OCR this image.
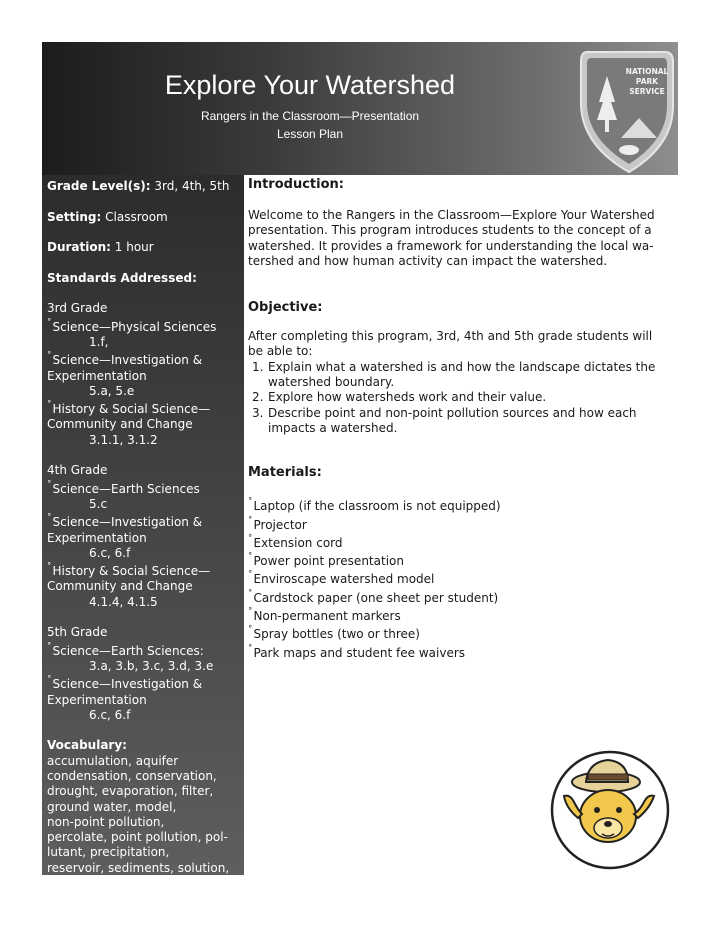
Explore Your Watershed
Rangers in the Classroom—Presentation
Lesson Plan
NATIONAL
PARK
SERVICE
Grade Level(s): 3rd, 4th, 5th
Setting: Classroom
Duration: 1 hour
Standards Addressed:
3rd Grade
˚ Science—Physical Sciences
1.f,
˚ Science—Investigation &
Experimentation
5.a, 5.e
˚ History & Social Science—
Community and Change
3.1.1, 3.1.2
4th Grade
˚ Science—Earth Sciences
5.c
˚ Science—Investigation &
Experimentation
6.c, 6.f
˚ History & Social Science—
Community and Change
4.1.4, 4.1.5
5th Grade
˚ Science—Earth Sciences:
3.a, 3.b, 3.c, 3.d, 3.e
˚ Science—Investigation &
Experimentation
6.c, 6.f
Vocabulary:
accumulation, aquifer
condensation, conservation,
drought, evaporation, filter,
ground water, model,
non-point pollution,
percolate, point pollution, pol-
lutant, precipitation,
reservoir, sediments, solution,
watershed, water cycle, well
Introduction:
Welcome to the Rangers in the Classroom—Explore Your Watershed
presentation. This program introduces students to the concept of a
watershed. It provides a framework for understanding the local wa-
tershed and how human activity can impact the watershed.
Objective:
After completing this program, 3rd, 4th and 5th grade students will
be able to:
1. Explain what a watershed is and how the landscape dictates the
watershed boundary.
2. Explore how watersheds work and their value.
3. Describe point and non-point pollution sources and how each
impacts a watershed.
Materials:
˚ Laptop (if the classroom is not equipped)
˚ Projector
˚ Extension cord
˚ Power point presentation
˚ Enviroscape watershed model
˚ Cardstock paper (one sheet per student)
˚ Non-permanent markers
˚ Spray bottles (two or three)
˚ Park maps and student fee waivers
